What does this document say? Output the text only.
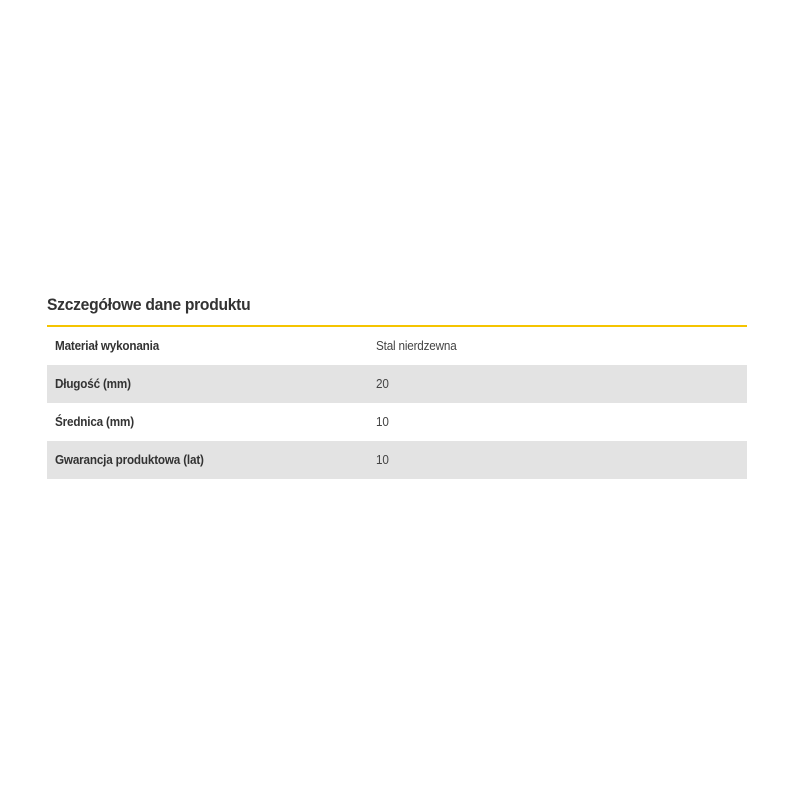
Szczegółowe dane produktu
Materiał wykonania	Stal nierdzewna
Długość (mm)	20
Średnica (mm)	10
Gwarancja produktowa (lat)	10
